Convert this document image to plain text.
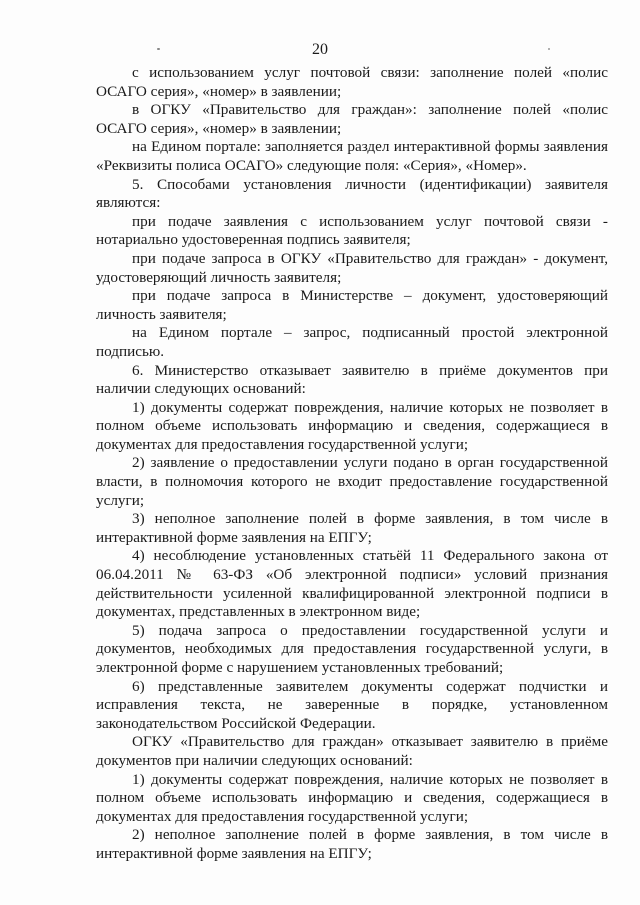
20

с использованием услуг почтовой связи: заполнение полей «полис ОСАГО серия», «номер» в заявлении;

в ОГКУ «Правительство для граждан»: заполнение полей «полис ОСАГО серия», «номер» в заявлении;

на Едином портале: заполняется раздел интерактивной формы заявления «Реквизиты полиса ОСАГО» следующие поля: «Серия», «Номер».

5. Способами установления личности (идентификации) заявителя являются:

при подаче заявления с использованием услуг почтовой связи - нотариально удостоверенная подпись заявителя;

при подаче запроса в ОГКУ «Правительство для граждан» - документ, удостоверяющий личность заявителя;

при подаче запроса в Министерстве – документ, удостоверяющий личность заявителя;

на Едином портале – запрос, подписанный простой электронной подписью.

6. Министерство отказывает заявителю в приёме документов при наличии следующих оснований:

1) документы содержат повреждения, наличие которых не позволяет в полном объеме использовать информацию и сведения, содержащиеся в документах для предоставления государственной услуги;

2) заявление о предоставлении услуги подано в орган государственной власти, в полномочия которого не входит предоставление государственной услуги;

3) неполное заполнение полей в форме заявления, в том числе в интерактивной форме заявления на ЕПГУ;

4) несоблюдение установленных статьёй 11 Федерального закона от 06.04.2011 № 63-ФЗ «Об электронной подписи» условий признания действительности усиленной квалифицированной электронной подписи в документах, представленных в электронном виде;

5) подача запроса о предоставлении государственной услуги и документов, необходимых для предоставления государственной услуги, в электронной форме с нарушением установленных требований;

6) представленные заявителем документы содержат подчистки и исправления текста, не заверенные в порядке, установленном законодательством Российской Федерации.

ОГКУ «Правительство для граждан» отказывает заявителю в приёме документов при наличии следующих оснований:

1) документы содержат повреждения, наличие которых не позволяет в полном объеме использовать информацию и сведения, содержащиеся в документах для предоставления государственной услуги;

2) неполное заполнение полей в форме заявления, в том числе в интерактивной форме заявления на ЕПГУ;
